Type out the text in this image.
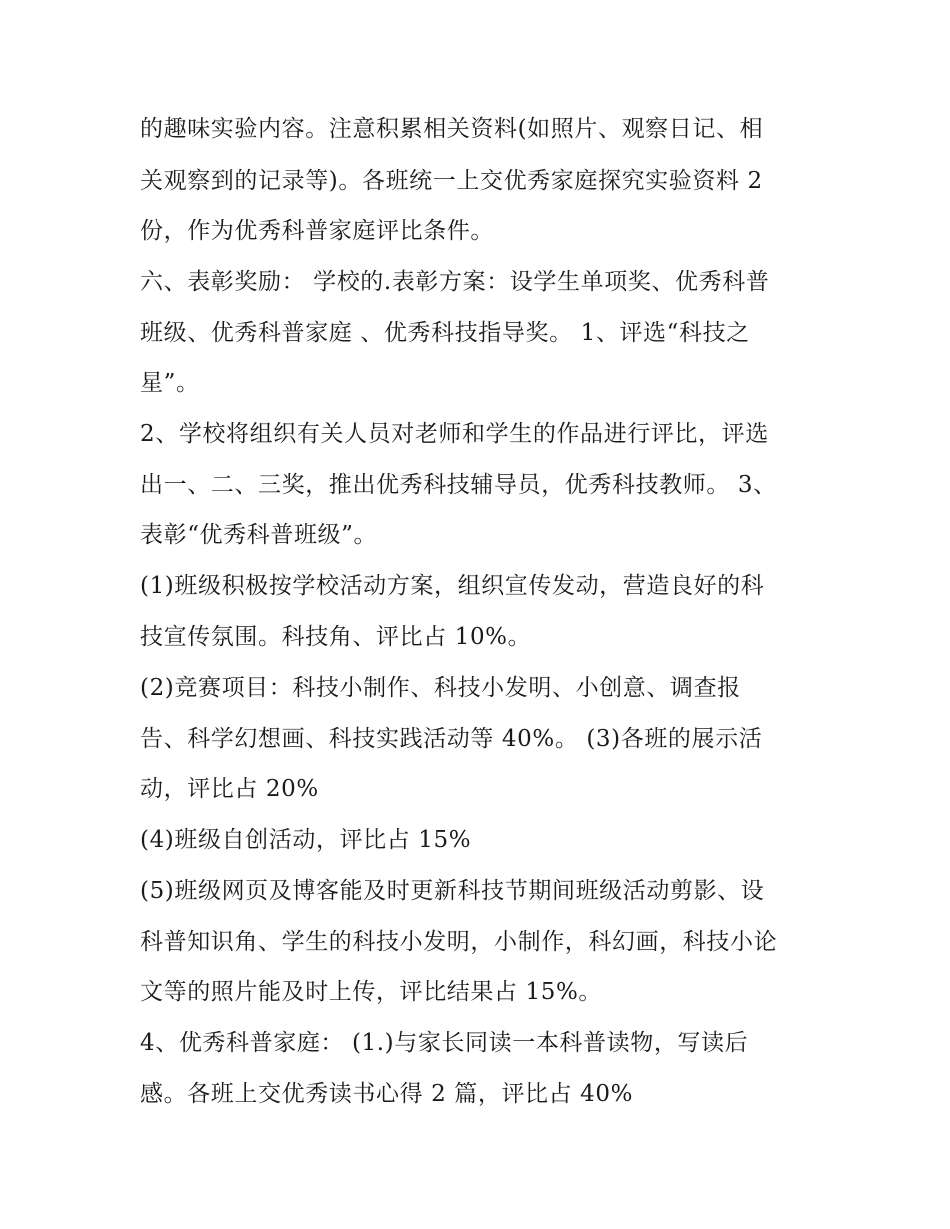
的趣味实验内容。注意积累相关资料(如照片、观察日记、相
关观察到的记录等)。各班统一上交优秀家庭探究实验资料 2
份，作为优秀科普家庭评比条件。
六、表彰奖励： 学校的.表彰方案：设学生单项奖、优秀科普
班级、优秀科普家庭 、优秀科技指导奖。 1、评选“科技之
星”。
2、学校将组织有关人员对老师和学生的作品进行评比，评选
出一、二、三奖，推出优秀科技辅导员，优秀科技教师。 3、
表彰“优秀科普班级”。
(1)班级积极按学校活动方案，组织宣传发动，营造良好的科
技宣传氛围。科技角、评比占 10%。
(2)竞赛项目：科技小制作、科技小发明、小创意、调查报
告、科学幻想画、科技实践活动等 40%。 (3)各班的展示活
动，评比占 20%
(4)班级自创活动，评比占 15%
(5)班级网页及博客能及时更新科技节期间班级活动剪影、设
科普知识角、学生的科技小发明，小制作，科幻画，科技小论
文等的照片能及时上传，评比结果占 15%。
4、优秀科普家庭： (1.)与家长同读一本科普读物，写读后
感。各班上交优秀读书心得 2 篇，评比占 40%
